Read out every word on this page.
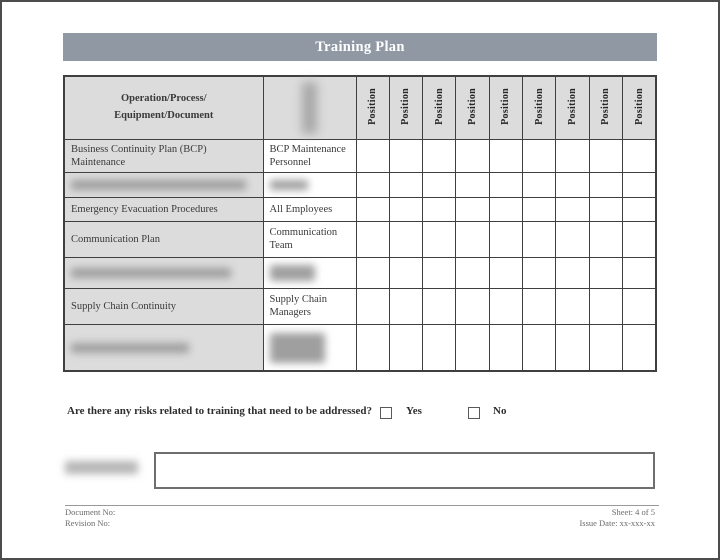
Training Plan
Operation/Process/
Equipment/Document		Position	Position	Position	Position	Position	Position	Position	Position	Position
Business Continuity Plan (BCP) Maintenance	BCP Maintenance Personnel									

Emergency Evacuation Procedures	All Employees									
Communication Plan	Communication Team									

Supply Chain Continuity	Supply Chain Managers									

Are there any risks related to training that need to be addressed?	Yes	No
Document No:
Revision No:
Sheet: 4 of 5
Issue Date: xx-xxx-xx
